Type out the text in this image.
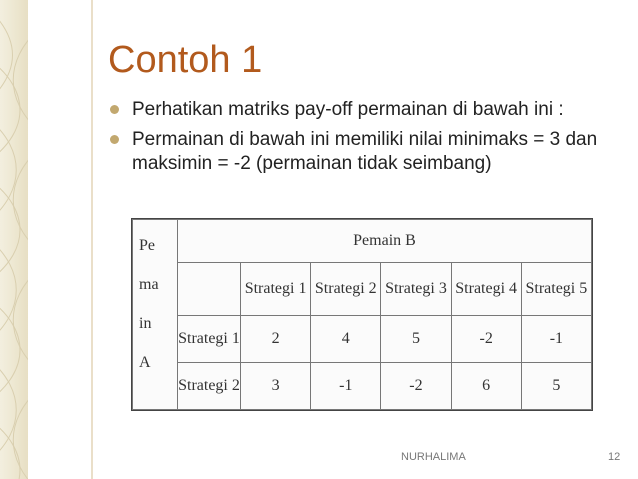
Contoh 1
Perhatikan matriks pay-off permainan di bawah ini :
Permainan di bawah ini memiliki nilai minimaks = 3 dan maksimin = -2 (permainan tidak seimbang)
Pe
ma
in
A	Pemain B					
		Strategi 1	Strategi 2	Strategi 3	Strategi 4	Strategi 5
	Strategi 1	2	4	5	-2	-1
	Strategi 2	3	-1	-2	6	5
NURHALIMA	12
